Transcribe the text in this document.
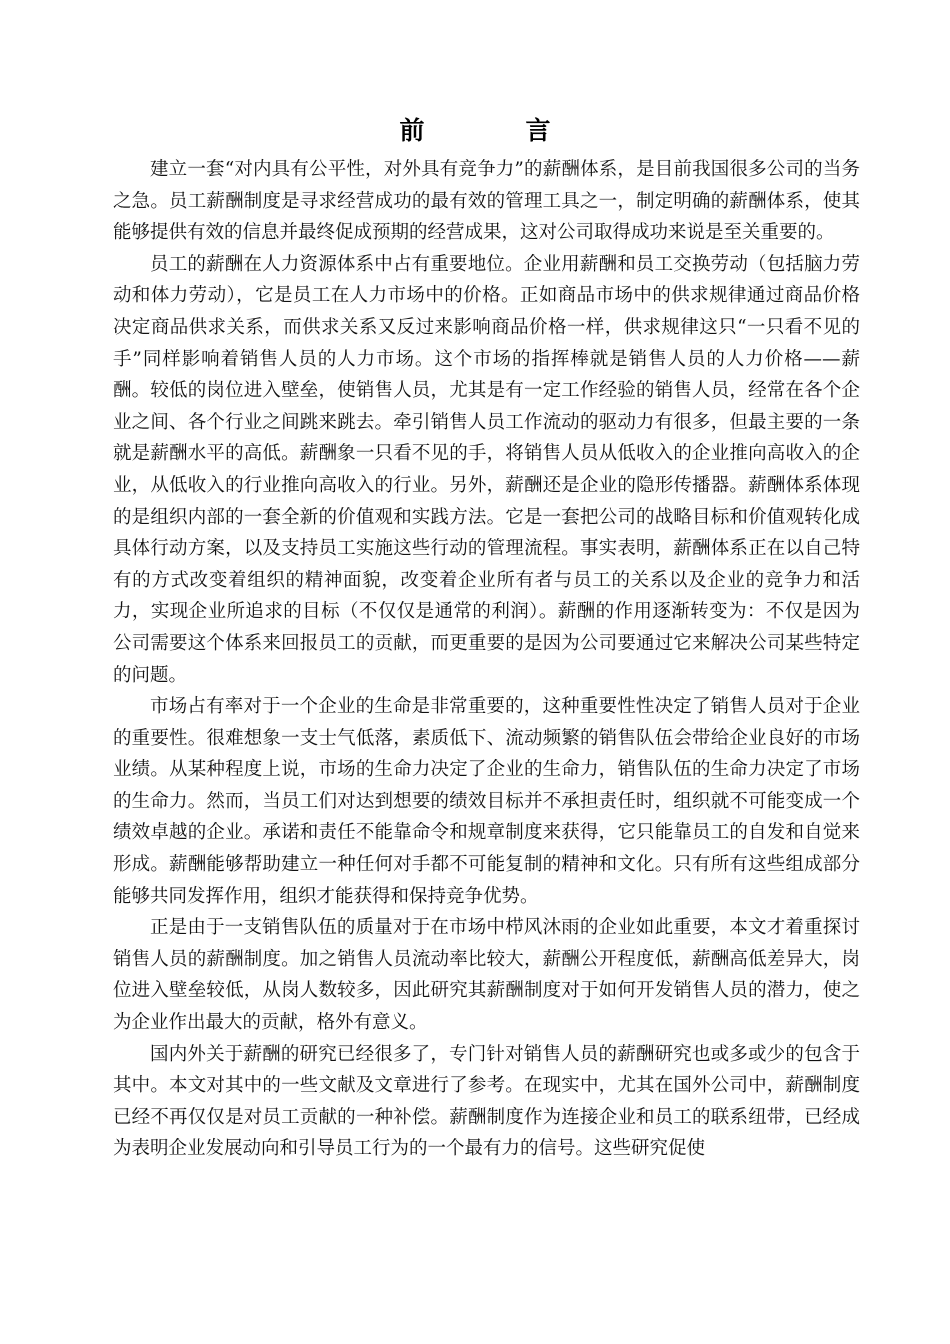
前　言

建立一套“对内具有公平性，对外具有竞争力”的薪酬体系，是目前我国很多公司的当务之急。员工薪酬制度是寻求经营成功的最有效的管理工具之一，制定明确的薪酬体系，使其能够提供有效的信息并最终促成预期的经营成果，这对公司取得成功来说是至关重要的。

员工的薪酬在人力资源体系中占有重要地位。企业用薪酬和员工交换劳动（包括脑力劳动和体力劳动），它是员工在人力市场中的价格。正如商品市场中的供求规律通过商品价格决定商品供求关系，而供求关系又反过来影响商品价格一样，供求规律这只“一只看不见的手”同样影响着销售人员的人力市场。这个市场的指挥棒就是销售人员的人力价格——薪酬。较低的岗位进入壁垒，使销售人员，尤其是有一定工作经验的销售人员，经常在各个企业之间、各个行业之间跳来跳去。牵引销售人员工作流动的驱动力有很多，但最主要的一条就是薪酬水平的高低。薪酬象一只看不见的手，将销售人员从低收入的企业推向高收入的企业，从低收入的行业推向高收入的行业。另外，薪酬还是企业的隐形传播器。薪酬体系体现的是组织内部的一套全新的价值观和实践方法。它是一套把公司的战略目标和价值观转化成具体行动方案，以及支持员工实施这些行动的管理流程。事实表明，薪酬体系正在以自己特有的方式改变着组织的精神面貌，改变着企业所有者与员工的关系以及企业的竞争力和活力，实现企业所追求的目标（不仅仅是通常的利润）。薪酬的作用逐渐转变为：不仅是因为公司需要这个体系来回报员工的贡献，而更重要的是因为公司要通过它来解决公司某些特定的问题。

市场占有率对于一个企业的生命是非常重要的，这种重要性性决定了销售人员对于企业的重要性。很难想象一支士气低落，素质低下、流动频繁的销售队伍会带给企业良好的市场业绩。从某种程度上说，市场的生命力决定了企业的生命力，销售队伍的生命力决定了市场的生命力。然而，当员工们对达到想要的绩效目标并不承担责任时，组织就不可能变成一个绩效卓越的企业。承诺和责任不能靠命令和规章制度来获得，它只能靠员工的自发和自觉来形成。薪酬能够帮助建立一种任何对手都不可能复制的精神和文化。只有所有这些组成部分能够共同发挥作用，组织才能获得和保持竞争优势。

正是由于一支销售队伍的质量对于在市场中栉风沐雨的企业如此重要，本文才着重探讨销售人员的薪酬制度。加之销售人员流动率比较大，薪酬公开程度低，薪酬高低差异大，岗位进入壁垒较低，从岗人数较多，因此研究其薪酬制度对于如何开发销售人员的潜力，使之为企业作出最大的贡献，格外有意义。

国内外关于薪酬的研究已经很多了，专门针对销售人员的薪酬研究也或多或少的包含于其中。本文对其中的一些文献及文章进行了参考。在现实中，尤其在国外公司中，薪酬制度已经不再仅仅是对员工贡献的一种补偿。薪酬制度作为连接企业和员工的联系纽带，已经成为表明企业发展动向和引导员工行为的一个最有力的信号。这些研究促使
